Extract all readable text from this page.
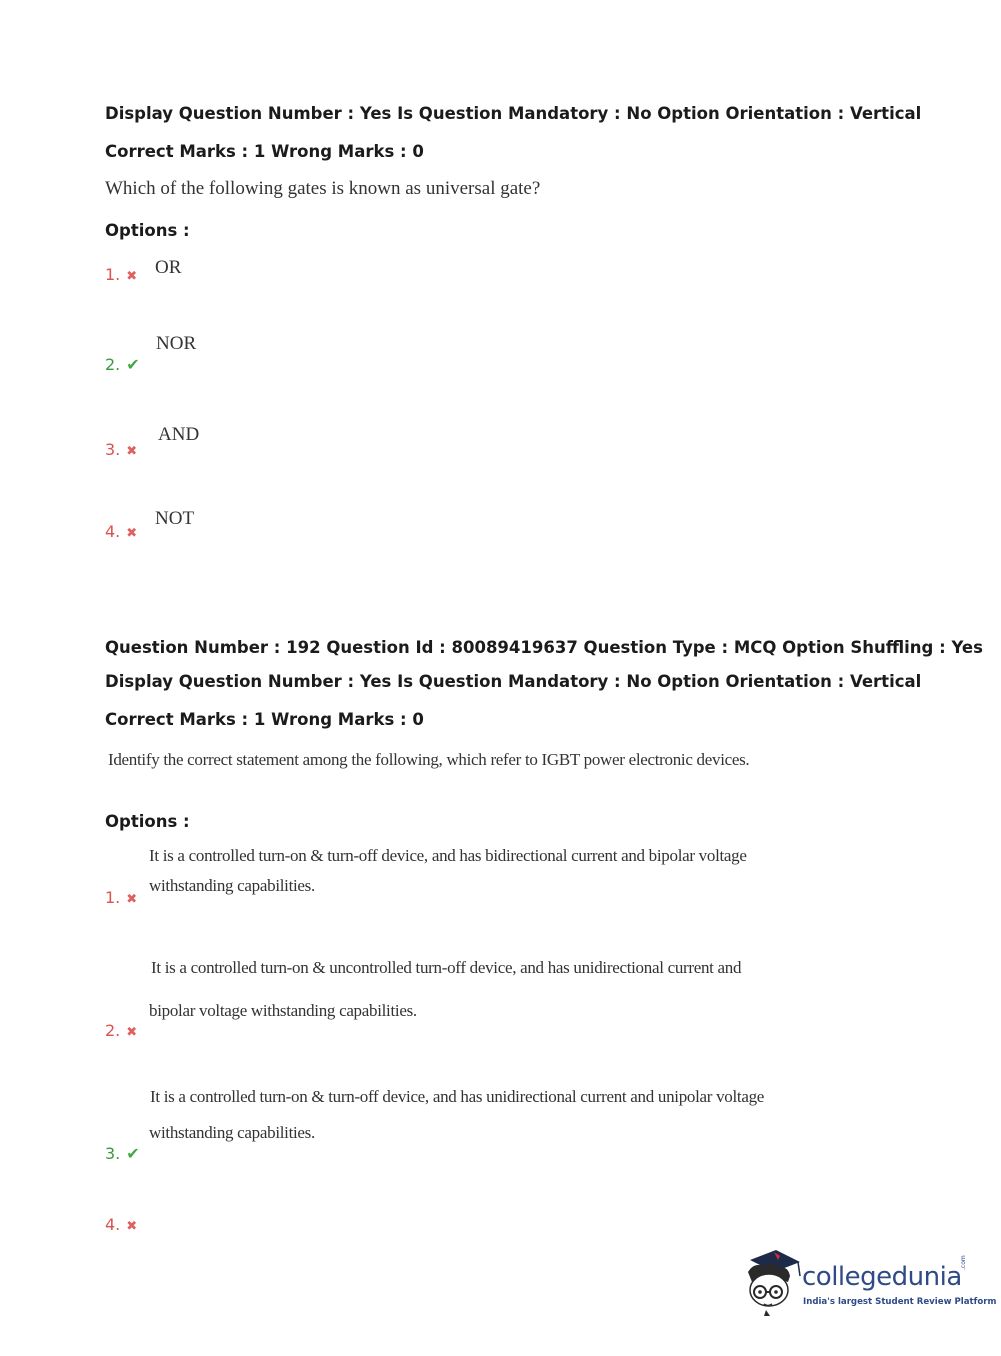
Display Question Number : Yes Is Question Mandatory : No Option Orientation : Vertical
Correct Marks : 1 Wrong Marks : 0
Which of the following gates is known as universal gate?
Options :
1. ✖ OR
2. ✔
NOR
3. ✖
AND
4. ✖
NOT
Question Number : 192 Question Id : 80089419637 Question Type : MCQ Option Shuffling : Yes
Display Question Number : Yes Is Question Mandatory : No Option Orientation : Vertical
Correct Marks : 1 Wrong Marks : 0
Identify the correct statement among the following, which refer to IGBT power electronic devices.
Options :
1. ✖
It is a controlled turn-on & turn-off device, and has bidirectional current and bipolar voltage
withstanding capabilities.
2. ✖
It is a controlled turn-on & uncontrolled turn-off device, and has unidirectional current and
bipolar voltage withstanding capabilities.
3. ✔
It is a controlled turn-on & turn-off device, and has unidirectional current and unipolar voltage
withstanding capabilities.
4. ✖
collegedunia
.com
India's largest Student Review Platform
